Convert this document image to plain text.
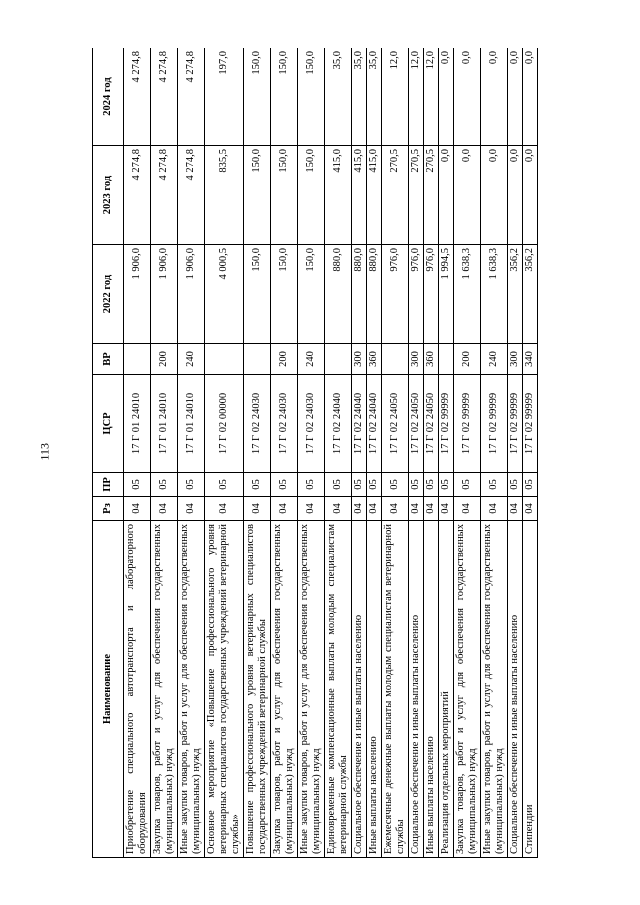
113
Наименование	Рз	ПР	ЦСР	ВР	2022 год	2023 год	2024 год
Приобретение специального автотранспорта и лабораторного оборудования	04	05	17 Г 01 24010		1 906,0	4 274,8	4 274,8
Закупка товаров, работ и услуг для обеспечения государственных (муниципальных) нужд	04	05	17 Г 01 24010	200	1 906,0	4 274,8	4 274,8
Иные закупки товаров, работ и услуг для обеспечения государственных (муниципальных) нужд	04	05	17 Г 01 24010	240	1 906,0	4 274,8	4 274,8
Основное мероприятие «Повышение профессионального уровня ветеринарных специалистов государственных учреждений ветеринарной службы»	04	05	17 Г 02 00000		4 000,5	835,5	197,0
Повышение профессионального уровня ветеринарных специалистов государственных учреждений ветеринарной службы	04	05	17 Г 02 24030		150,0	150,0	150,0
Закупка товаров, работ и услуг для обеспечения государственных (муниципальных) нужд	04	05	17 Г 02 24030	200	150,0	150,0	150,0
Иные закупки товаров, работ и услуг для обеспечения государственных (муниципальных) нужд	04	05	17 Г 02 24030	240	150,0	150,0	150,0
Единовременные компенсационные выплаты молодым специалистам ветеринарной службы	04	05	17 Г 02 24040		880,0	415,0	35,0
Социальное обеспечение и иные выплаты населению	04	05	17 Г 02 24040	300	880,0	415,0	35,0
Иные выплаты населению	04	05	17 Г 02 24040	360	880,0	415,0	35,0
Ежемесячные денежные выплаты молодым специалистам ветеринарной службы	04	05	17 Г 02 24050		976,0	270,5	12,0
Социальное обеспечение и иные выплаты населению	04	05	17 Г 02 24050	300	976,0	270,5	12,0
Иные выплаты населению	04	05	17 Г 02 24050	360	976,0	270,5	12,0
Реализация отдельных мероприятий	04	05	17 Г 02 99999		1 994,5	0,0	0,0
Закупка товаров, работ и услуг для обеспечения государственных (муниципальных) нужд	04	05	17 Г 02 99999	200	1 638,3	0,0	0,0
Иные закупки товаров, работ и услуг для обеспечения государственных (муниципальных) нужд	04	05	17 Г 02 99999	240	1 638,3	0,0	0,0
Социальное обеспечение и иные выплаты населению	04	05	17 Г 02 99999	300	356,2	0,0	0,0
Стипендии	04	05	17 Г 02 99999	340	356,2	0,0	0,0
